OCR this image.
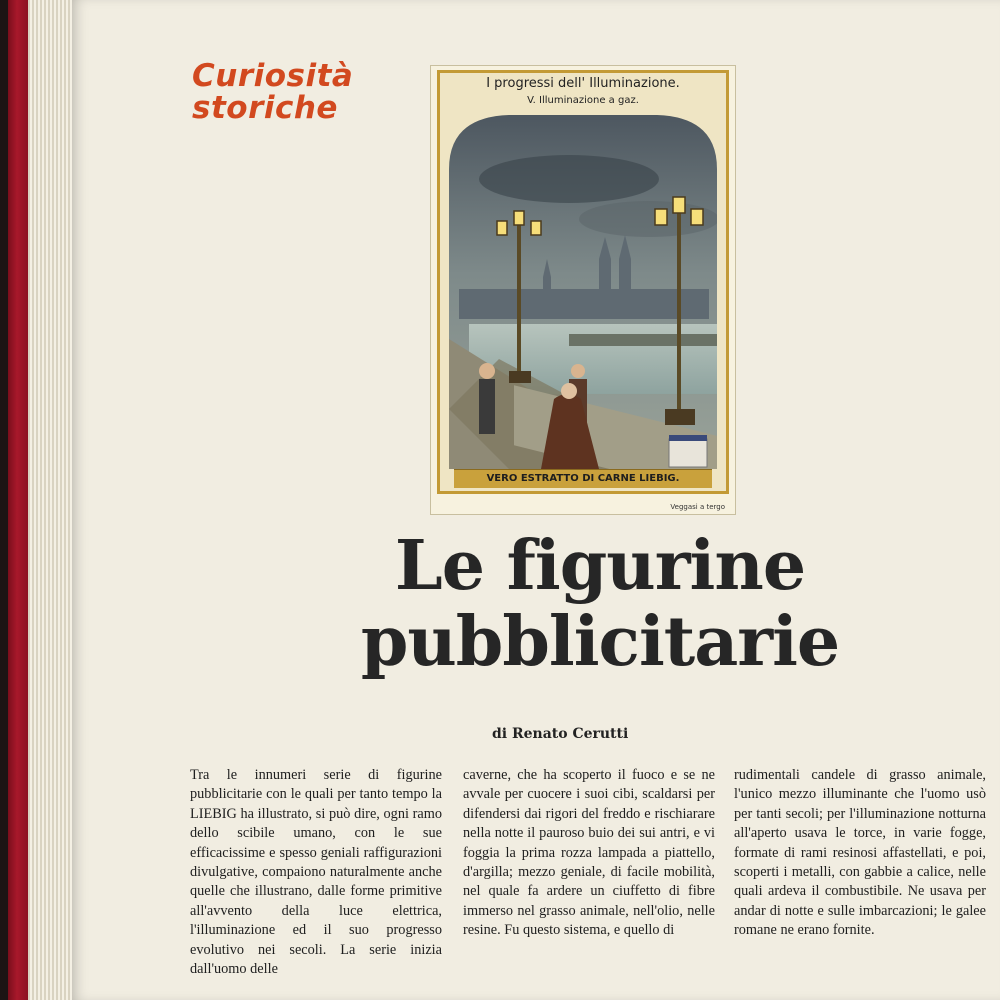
Curiosità
storiche
I progressi dell' Illuminazione.
V. Illuminazione a gaz.
VERO ESTRATTO DI CARNE LIEBIG.
Veggasi a tergo
Le figurine
pubblicitarie
di Renato Cerutti

Tra le innumeri serie di figurine pubblicitarie con le quali per tanto tempo la LIEBIG ha illustrato, si può dire, ogni ramo dello scibile umano, con le sue efficacissime e spesso geniali raffigurazioni divulgative, compaiono naturalmente anche quelle che illustrano, dalle forme primitive all'avvento della luce elettrica, l'illuminazione ed il suo progresso evolutivo nei secoli. La serie inizia dall'uomo delle

caverne, che ha scoperto il fuoco e se ne avvale per cuocere i suoi cibi, scaldarsi per difendersi dai rigori del freddo e rischiarare nella notte il pauroso buio dei sui antri, e vi foggia la prima rozza lampada a piattello, d'argilla; mezzo geniale, di facile mobilità, nel quale fa ardere un ciuffetto di fibre immerso nel grasso animale, nell'olio, nelle resine. Fu questo sistema, e quello di

rudimentali candele di grasso animale, l'unico mezzo illuminante che l'uomo usò per tanti secoli; per l'illuminazione notturna all'aperto usava le torce, in varie fogge, formate di rami resinosi affastellati, e poi, scoperti i metalli, con gabbie a calice, nelle quali ardeva il combustibile. Ne usava per andar di notte e sulle imbarcazioni; le galee romane ne erano fornite.
